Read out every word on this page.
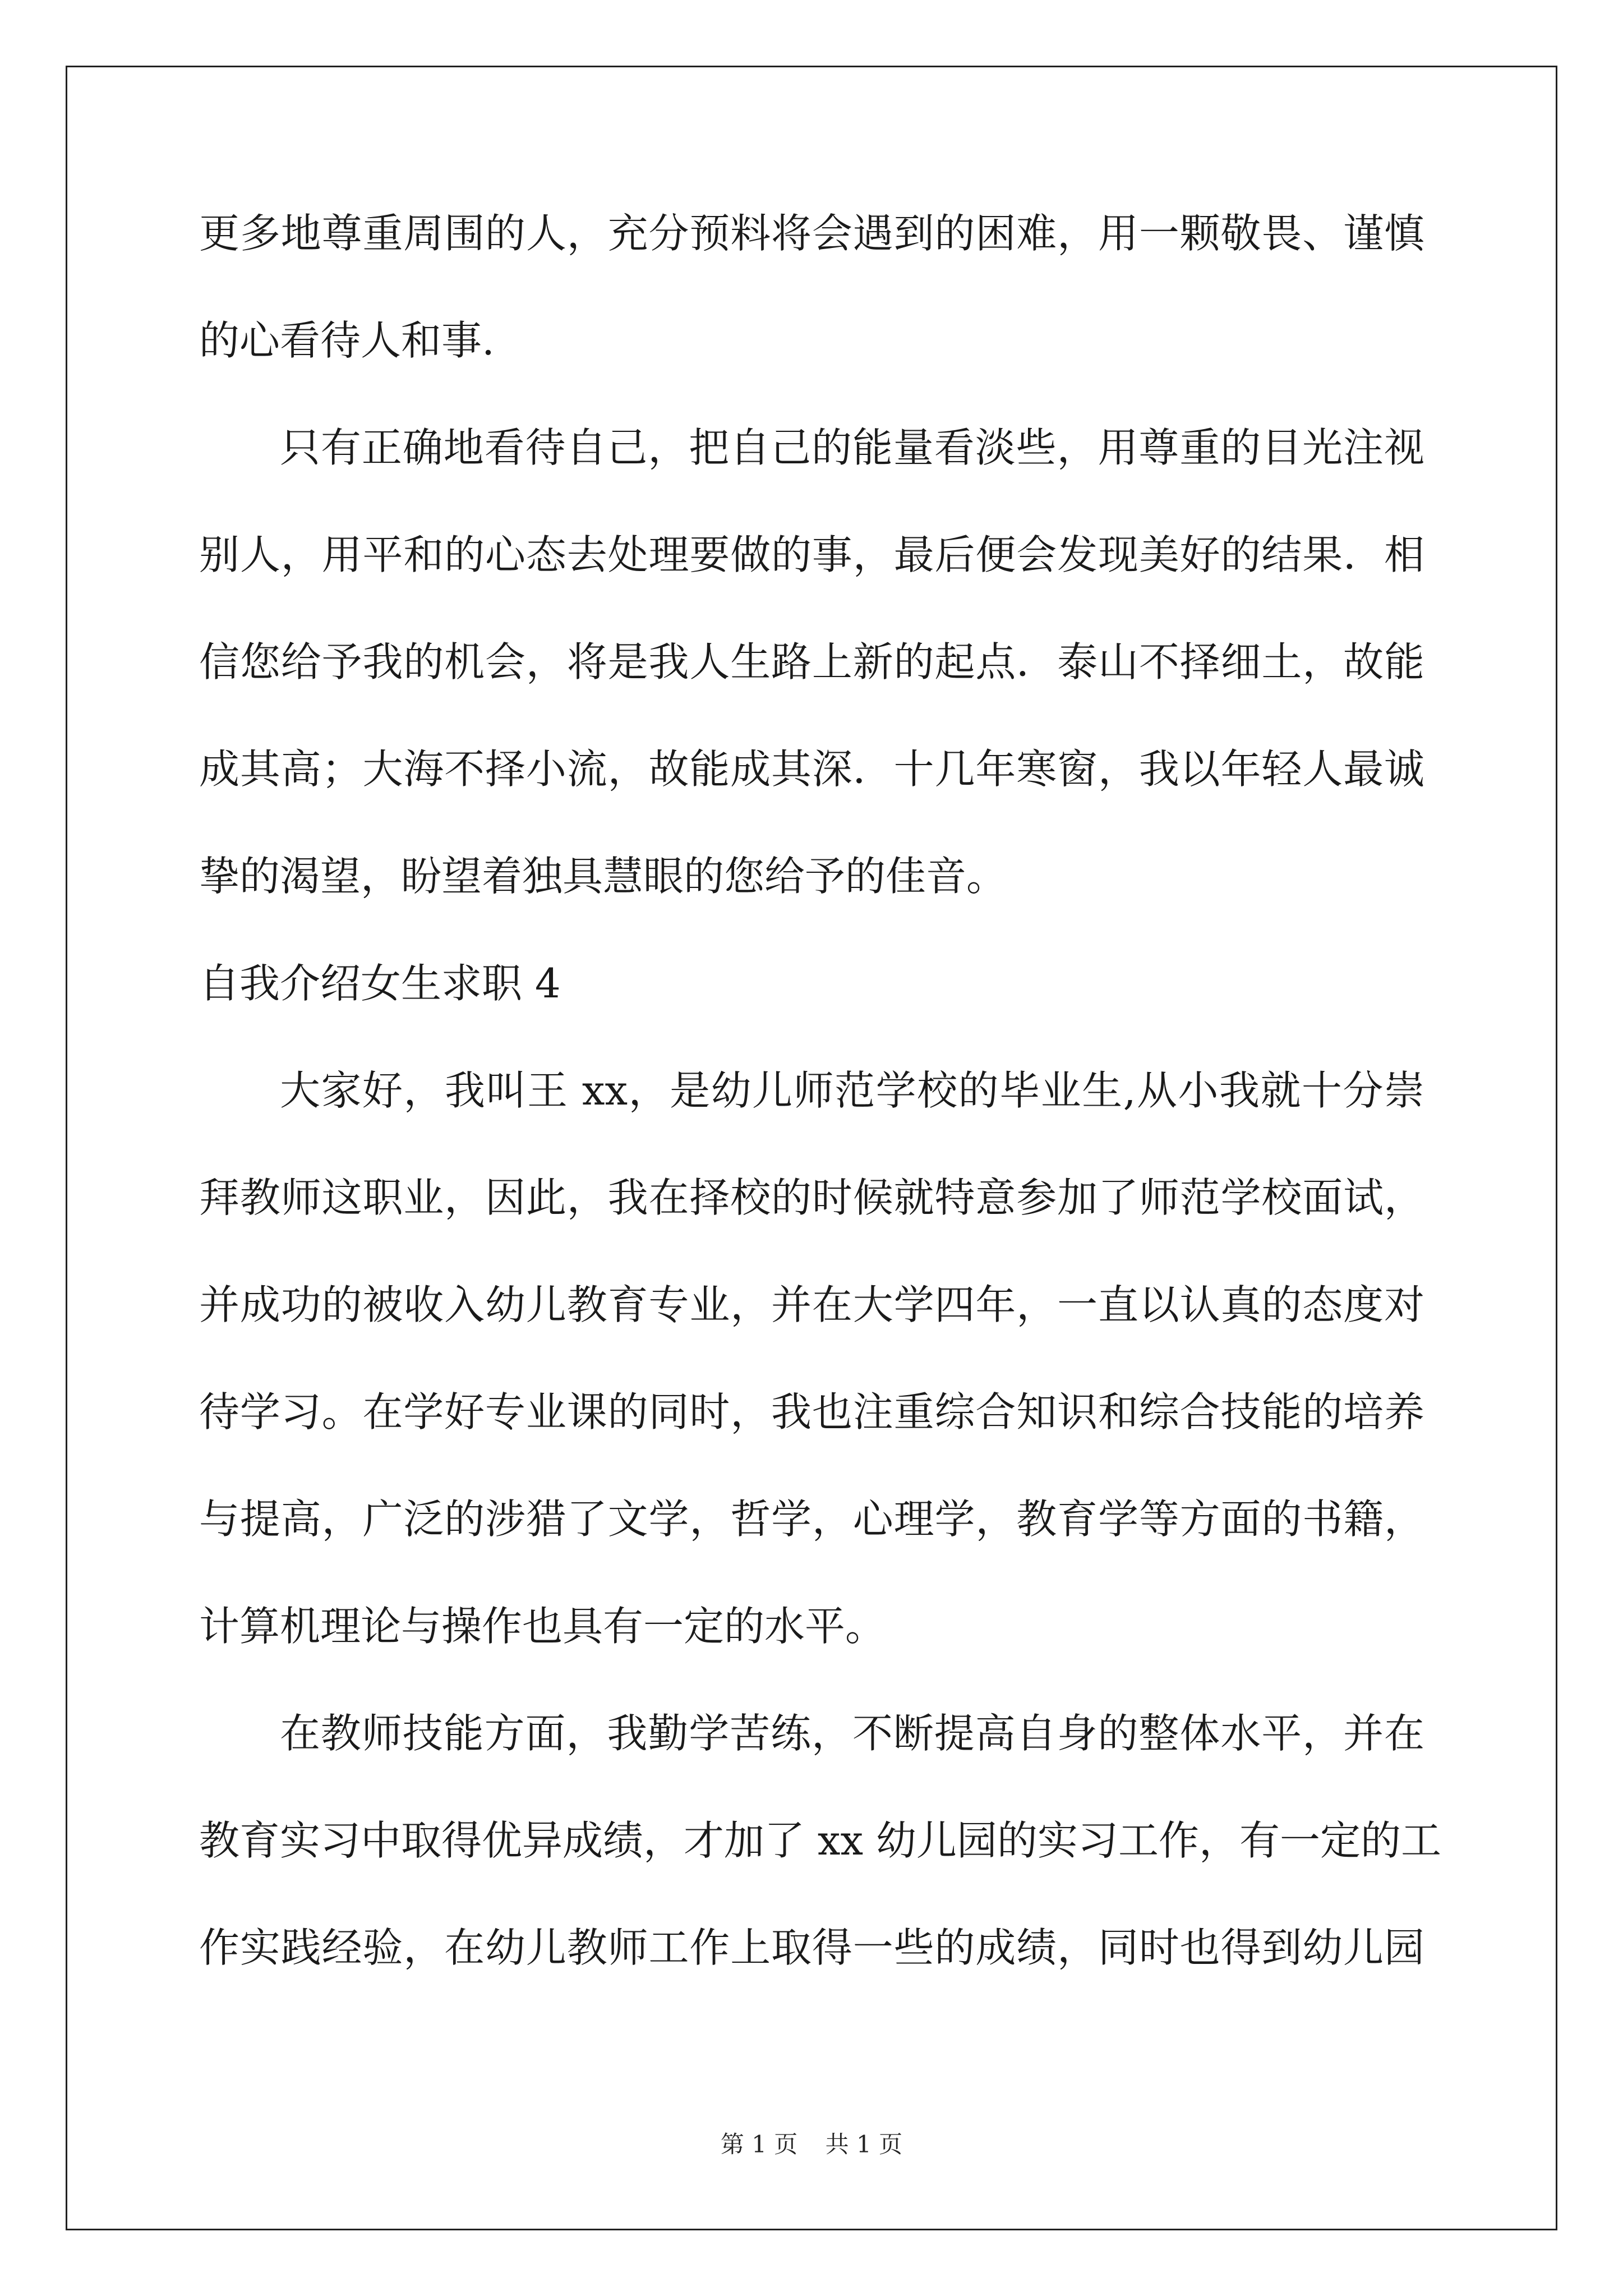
更多地尊重周围的人，充分预料将会遇到的困难，用一颗敬畏、谨慎
的心看待人和事.
只有正确地看待自己，把自己的能量看淡些，用尊重的目光注视
别人，用平和的心态去处理要做的事，最后便会发现美好的结果．相
信您给予我的机会，将是我人生路上新的起点．泰山不择细土，故能
成其高；大海不择小流，故能成其深．十几年寒窗，我以年轻人最诚
挚的渴望，盼望着独具慧眼的您给予的佳音。
自我介绍女生求职 4
大家好，我叫王 xx，是幼儿师范学校的毕业生,从小我就十分崇
拜教师这职业，因此，我在择校的时候就特意参加了师范学校面试，
并成功的被收入幼儿教育专业，并在大学四年，一直以认真的态度对
待学习。在学好专业课的同时，我也注重综合知识和综合技能的培养
与提高，广泛的涉猎了文学，哲学，心理学，教育学等方面的书籍，
计算机理论与操作也具有一定的水平。
在教师技能方面，我勤学苦练，不断提高自身的整体水平，并在
教育实习中取得优异成绩，才加了 xx 幼儿园的实习工作，有一定的工
作实践经验，在幼儿教师工作上取得一些的成绩，同时也得到幼儿园
第 1 页 共 1 页
